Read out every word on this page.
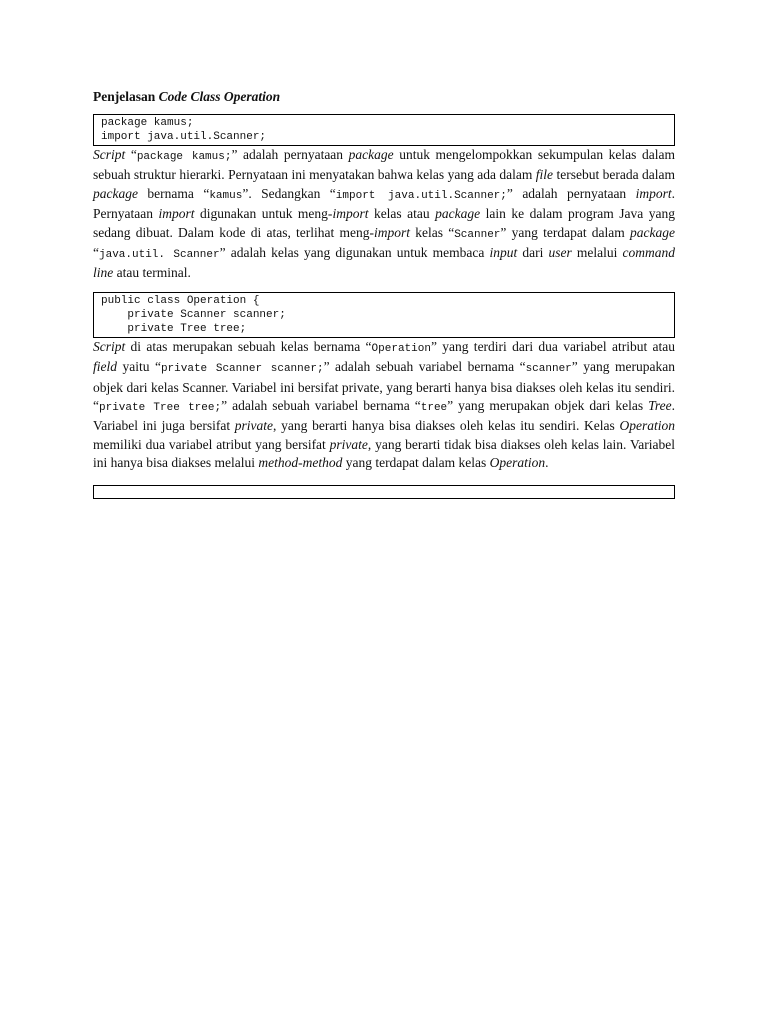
Penjelasan Code Class Operation
package kamus;
import java.util.Scanner;

Script “package kamus;” adalah pernyataan package untuk mengelompokkan sekumpulan kelas dalam sebuah struktur hierarki. Pernyataan ini menyatakan bahwa kelas yang ada dalam file tersebut berada dalam package bernama “kamus”. Sedangkan “import java.util.Scanner;” adalah pernyataan import. Pernyataan import digunakan untuk meng-import kelas atau package lain ke dalam program Java yang sedang dibuat. Dalam kode di atas, terlihat meng-import kelas “Scanner” yang terdapat dalam package “java.util. Scanner” adalah kelas yang digunakan untuk membaca input dari user melalui command line atau terminal.

public class Operation {
private Scanner scanner;
private Tree tree;

Script di atas merupakan sebuah kelas bernama “Operation” yang terdiri dari dua variabel atribut atau field yaitu “private Scanner scanner;” adalah sebuah variabel bernama “scanner” yang merupakan objek dari kelas Scanner. Variabel ini bersifat private, yang berarti hanya bisa diakses oleh kelas itu sendiri. “private Tree tree;” adalah sebuah variabel bernama “tree” yang merupakan objek dari kelas Tree. Variabel ini juga bersifat private, yang berarti hanya bisa diakses oleh kelas itu sendiri. Kelas Operation memiliki dua variabel atribut yang bersifat private, yang berarti tidak bisa diakses oleh kelas lain. Variabel ini hanya bisa diakses melalui method-method yang terdapat dalam kelas Operation.
